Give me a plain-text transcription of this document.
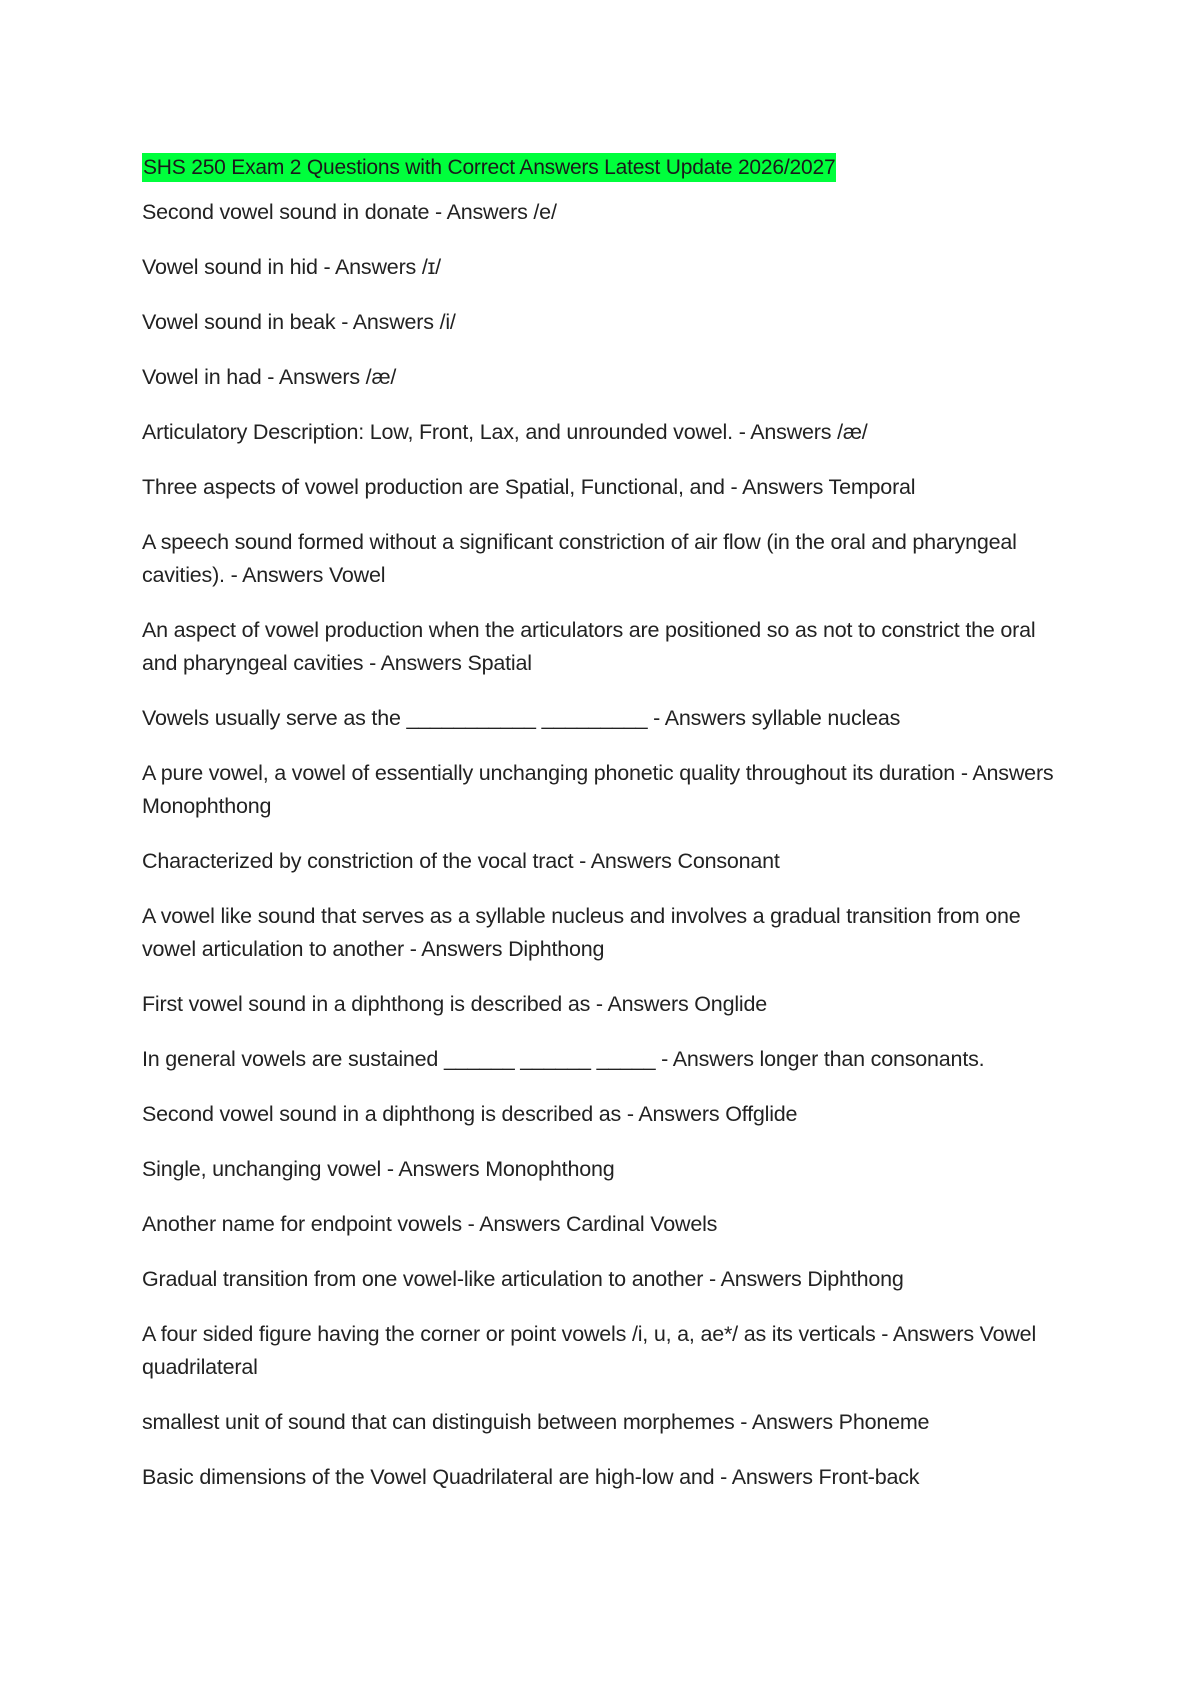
SHS 250 Exam 2 Questions with Correct Answers Latest Update 2026/2027
Second vowel sound in donate - Answers /e/
Vowel sound in hid - Answers /ɪ/
Vowel sound in beak - Answers /i/
Vowel in had - Answers /æ/
Articulatory Description: Low, Front, Lax, and unrounded vowel. - Answers /æ/
Three aspects of vowel production are Spatial, Functional, and - Answers Temporal
A speech sound formed without a significant constriction of air flow (in the oral and pharyngeal cavities). - Answers Vowel
An aspect of vowel production when the articulators are positioned so as not to constrict the oral and pharyngeal cavities - Answers Spatial
Vowels usually serve as the ___________ _________ - Answers syllable nucleas
A pure vowel, a vowel of essentially unchanging phonetic quality throughout its duration - Answers Monophthong
Characterized by constriction of the vocal tract - Answers Consonant
A vowel like sound that serves as a syllable nucleus and involves a gradual transition from one vowel articulation to another - Answers Diphthong
First vowel sound in a diphthong is described as - Answers Onglide
In general vowels are sustained ______ ______ _____ - Answers longer than consonants.
Second vowel sound in a diphthong is described as - Answers Offglide
Single, unchanging vowel - Answers Monophthong
Another name for endpoint vowels - Answers Cardinal Vowels
Gradual transition from one vowel-like articulation to another - Answers Diphthong
A four sided figure having the corner or point vowels /i, u, a, ae*/ as its verticals - Answers Vowel quadrilateral
smallest unit of sound that can distinguish between morphemes - Answers Phoneme
Basic dimensions of the Vowel Quadrilateral are high-low and - Answers Front-back
